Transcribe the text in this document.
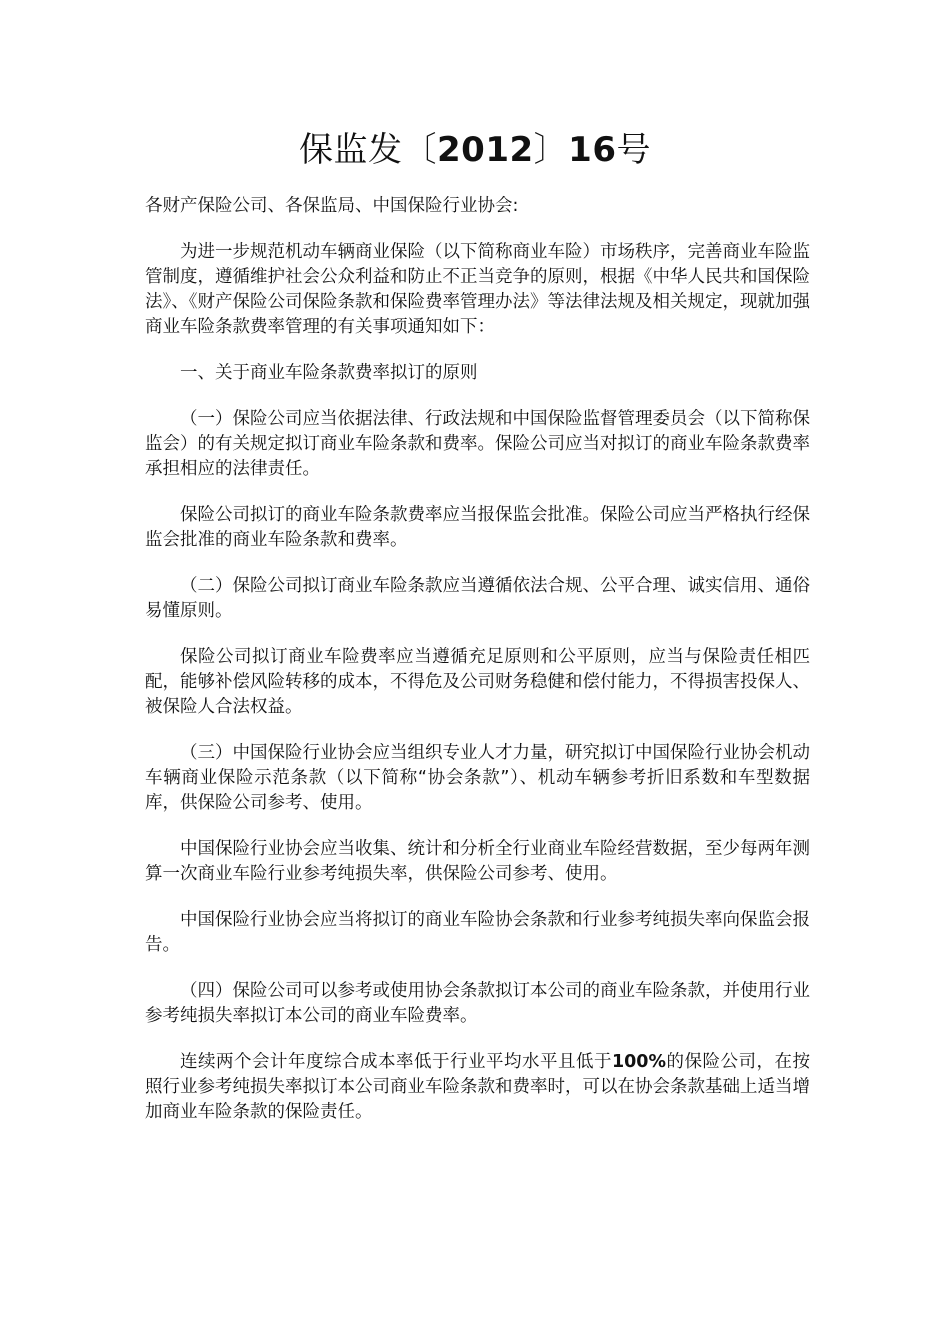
保监发〔2012〕16号

各财产保险公司、各保监局、中国保险行业协会:

为进一步规范机动车辆商业保险（以下简称商业车险）市场秩序，完善商业车险监管制度，遵循维护社会公众利益和防止不正当竞争的原则，根据《中华人民共和国保险法》、《财产保险公司保险条款和保险费率管理办法》等法律法规及相关规定，现就加强商业车险条款费率管理的有关事项通知如下：

一、关于商业车险条款费率拟订的原则

（一）保险公司应当依据法律、行政法规和中国保险监督管理委员会（以下简称保监会）的有关规定拟订商业车险条款和费率。保险公司应当对拟订的商业车险条款费率承担相应的法律责任。

保险公司拟订的商业车险条款费率应当报保监会批准。保险公司应当严格执行经保监会批准的商业车险条款和费率。

（二）保险公司拟订商业车险条款应当遵循依法合规、公平合理、诚实信用、通俗易懂原则。

保险公司拟订商业车险费率应当遵循充足原则和公平原则，应当与保险责任相匹配，能够补偿风险转移的成本，不得危及公司财务稳健和偿付能力，不得损害投保人、被保险人合法权益。

（三）中国保险行业协会应当组织专业人才力量，研究拟订中国保险行业协会机动车辆商业保险示范条款（以下简称“协会条款”）、机动车辆参考折旧系数和车型数据库，供保险公司参考、使用。

中国保险行业协会应当收集、统计和分析全行业商业车险经营数据，至少每两年测算一次商业车险行业参考纯损失率，供保险公司参考、使用。

中国保险行业协会应当将拟订的商业车险协会条款和行业参考纯损失率向保监会报告。

（四）保险公司可以参考或使用协会条款拟订本公司的商业车险条款，并使用行业参考纯损失率拟订本公司的商业车险费率。

连续两个会计年度综合成本率低于行业平均水平且低于100%的保险公司，在按照行业参考纯损失率拟订本公司商业车险条款和费率时，可以在协会条款基础上适当增加商业车险条款的保险责任。
